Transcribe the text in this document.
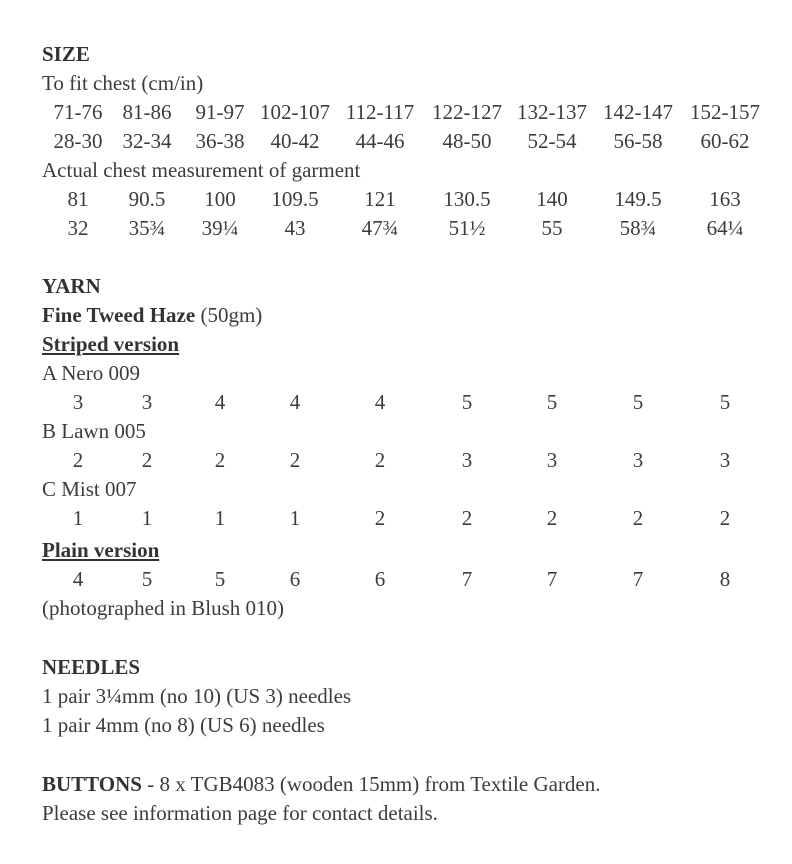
SIZE
To fit chest (cm/in)
71-76 81-86	91-97 102-107 112-117 122-127 132-137 142-147 152-157
28-30 32-34	36-38	40-42	44-46	48-50	52-54	56-58	60-62
Actual chest measurement of garment
81	90.5	100	109.5	121	130.5	140	149.5	163
32	35¾	39¼	43	47¾	51½	55	58¾	64¼
YARN
Fine Tweed Haze (50gm)
Striped version
A Nero 009
3	3	4	4	4	5	5	5	5
B Lawn 005
2	2	2	2	2	3	3	3	3
C Mist 007
1	1	1	1	2	2	2	2	2
Plain version
4	5	5	6	6	7	7	7	8
(photographed in Blush 010)
NEEDLES
1 pair 3¼mm (no 10) (US 3) needles
1 pair 4mm (no 8) (US 6) needles
BUTTONS - 8 x TGB4083 (wooden 15mm) from Textile Garden.
Please see information page for contact details.
